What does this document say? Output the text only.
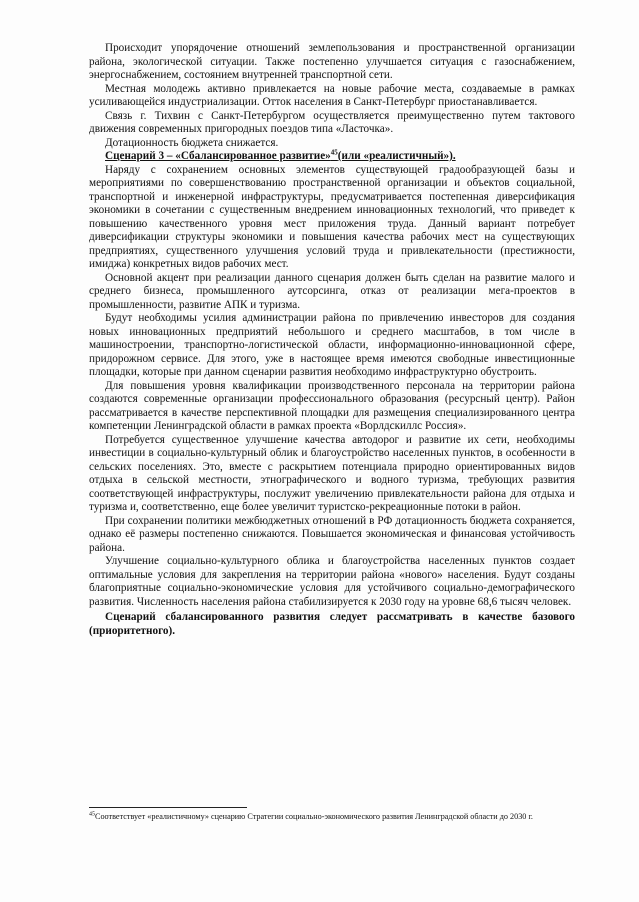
Происходит упорядочение отношений землепользования и пространственной организации района, экологической ситуации. Также постепенно улучшается ситуация с газоснабжением, энергоснабжением, состоянием внутренней транспортной сети.

Местная молодежь активно привлекается на новые рабочие места, создаваемые в рамках усиливающейся индустриализации. Отток населения в Санкт-Петербург приостанавливается.

Связь г. Тихвин с Санкт-Петербургом осуществляется преимущественно путем тактового движения современных пригородных поездов типа «Ласточка».

Дотационность бюджета снижается.

Сценарий 3 – «Сбалансированное развитие»$^{45}$(или «реалистичный»).

Наряду с сохранением основных элементов существующей градообразующей базы и мероприятиями по совершенствованию пространственной организации и объектов социальной, транспортной и инженерной инфраструктуры, предусматривается постепенная диверсификация экономики в сочетании с существенным внедрением инновационных технологий, что приведет к повышению качественного уровня мест приложения труда. Данный вариант потребует диверсификации структуры экономики и повышения качества рабочих мест на существующих предприятиях, существенного улучшения условий труда и привлекательности (престижности, имиджа) конкретных видов рабочих мест.

Основной акцент при реализации данного сценария должен быть сделан на развитие малого и среднего бизнеса, промышленного аутсорсинга, отказ от реализации мега-проектов в промышленности, развитие АПК и туризма.

Будут необходимы усилия администрации района по привлечению инвесторов для создания новых инновационных предприятий небольшого и среднего масштабов, в том числе в машиностроении, транспортно-логистической области, информационно-инновационной сфере, придорожном сервисе. Для этого, уже в настоящее время имеются свободные инвестиционные площадки, которые при данном сценарии развития необходимо инфраструктурно обустроить.

Для повышения уровня квалификации производственного персонала на территории района создаются современные организации профессионального образования (ресурсный центр). Район рассматривается в качестве перспективной площадки для размещения специализированного центра компетенции Ленинградской области в рамках проекта «Ворлдскиллс Россия».

Потребуется существенное улучшение качества автодорог и развитие их сети, необходимы инвестиции в социально-культурный облик и благоустройство населенных пунктов, в особенности в сельских поселениях. Это, вместе с раскрытием потенциала природно ориентированных видов отдыха в сельской местности, этнографического и водного туризма, требующих развития соответствующей инфраструктуры, послужит увеличению привлекательности района для отдыха и туризма и, соответственно, еще более увеличит туристско-рекреационные потоки в район.

При сохранении политики межбюджетных отношений в РФ дотационность бюджета сохраняется, однако её размеры постепенно снижаются. Повышается экономическая и финансовая устойчивость района.

Улучшение социально-культурного облика и благоустройства населенных пунктов создает оптимальные условия для закрепления на территории района «нового» населения. Будут созданы благоприятные социально-экономические условия для устойчивого социально-демографического развития. Численность населения района стабилизируется к 2030 году на уровне 68,6 тысяч человек.

Сценарий сбалансированного развития следует рассматривать в качестве базового (приоритетного).

$^{45}$Соответствует «реалистичному» сценарию Стратегии социально-экономического развития Ленинградской области до 2030 г.
